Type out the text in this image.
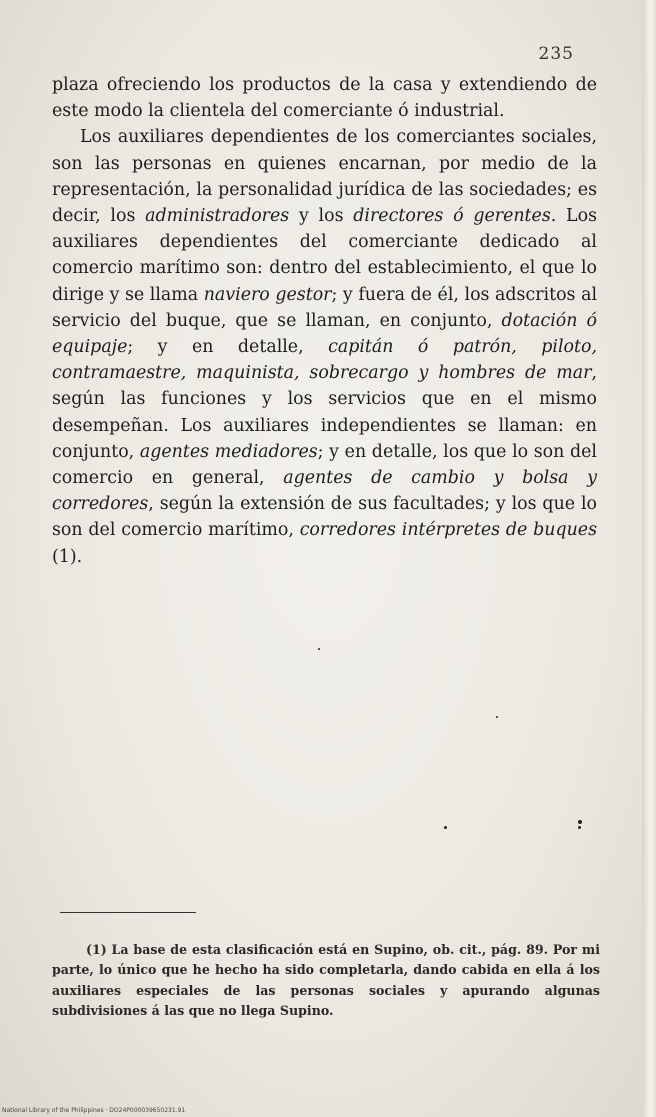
235

plaza ofreciendo los productos de la casa y extendiendo de este modo la clientela del comerciante ó industrial.

Los auxiliares dependientes de los comerciantes sociales, son las personas en quienes encarnan, por medio de la representación, la personalidad jurídica de las sociedades; es decir, los administradores y los directores ó gerentes. Los auxiliares dependientes del comerciante dedicado al comercio marítimo son: dentro del establecimiento, el que lo dirige y se llama naviero gestor; y fuera de él, los adscritos al servicio del buque, que se llaman, en conjunto, dotación ó equipaje; y en detalle, capitán ó patrón, piloto, contramaestre, maquinista, sobrecargo y hombres de mar, según las funciones y los servicios que en el mismo desempeñan. Los auxiliares independientes se llaman: en conjunto, agentes mediadores; y en detalle, los que lo son del comercio en general, agentes de cambio y bolsa y corredores, según la extensión de sus facultades; y los que lo son del comercio marítimo, corredores intérpretes de buques (1).

(1) La base de esta clasificación está en Supino, ob. cit., pág. 89. Por mi parte, lo único que he hecho ha sido completarla, dando cabida en ella á los auxiliares especiales de las personas sociales y apurando algunas subdivisiones á las que no llega Supino.

National Library of the Philippines · DO24P000039650231.91
